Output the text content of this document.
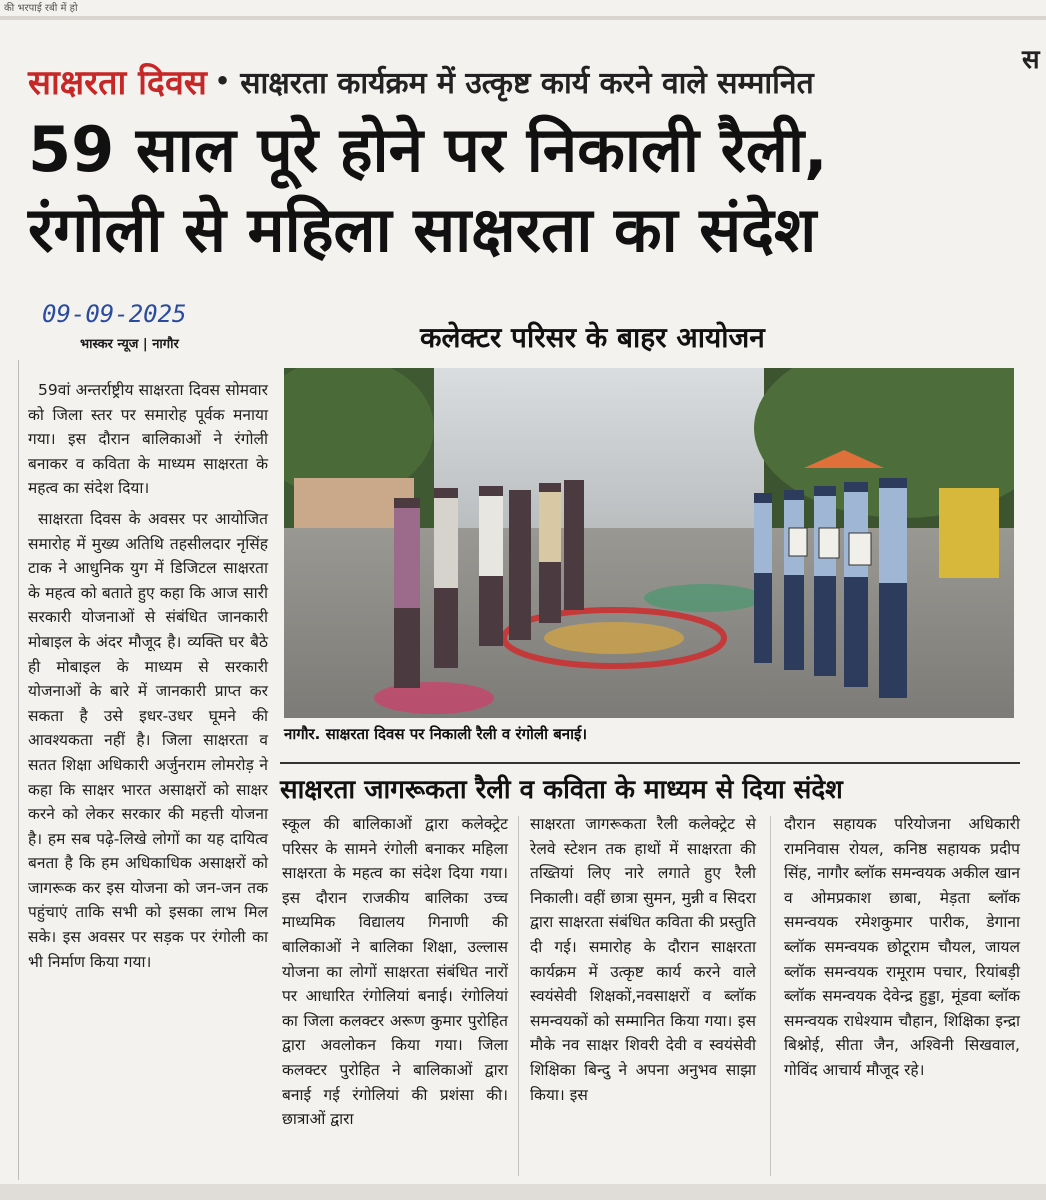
की भरपाई रबी में हो
स
साक्षरता दिवस • साक्षरता कार्यक्रम में उत्कृष्ट कार्य करने वाले सम्मानित
59 साल पूरे होने पर निकाली रैली,
रंगोली से महिला साक्षरता का संदेश
09-09-2025
भास्कर न्यूज | नागौर	कलेक्टर परिसर के बाहर आयोजन

59वां अन्तर्राष्ट्रीय साक्षरता दिवस सोमवार को जिला स्तर पर समारोह पूर्वक मनाया गया। इस दौरान बालिकाओं ने रंगोली बनाकर व कविता के माध्यम साक्षरता के महत्व का संदेश दिया।

साक्षरता दिवस के अवसर पर आयोजित समारोह में मुख्य अतिथि तहसीलदार नृसिंह टाक ने आधुनिक युग में डिजिटल साक्षरता के महत्व को बताते हुए कहा कि आज सारी सरकारी योजनाओं से संबंधित जानकारी मोबाइल के अंदर मौजूद है। व्यक्ति घर बैठे ही मोबाइल के माध्यम से सरकारी योजनाओं के बारे में जानकारी प्राप्त कर सकता है उसे इधर-उधर घूमने की आवश्यकता नहीं है। जिला साक्षरता व सतत शिक्षा अधिकारी अर्जुनराम लोमरोड़ ने कहा कि साक्षर भारत असाक्षरों को साक्षर करने को लेकर सरकार की महत्ती योजना है। हम सब पढ़े-लिखे लोगों का यह दायित्व बनता है कि हम अधिकाधिक असाक्षरों को जागरूक कर इस योजना को जन-जन तक पहुंचाएं ताकि सभी को इसका लाभ मिल सके। इस अवसर पर सड़क पर रंगोली का भी निर्माण किया गया।

नागौर. साक्षरता दिवस पर निकाली रैली व रंगोली बनाई।
साक्षरता जागरूकता रैली व कविता के माध्यम से दिया संदेश
स्कूल की बालिकाओं द्वारा कलेक्ट्रेट परिसर के सामने रंगोली बनाकर महिला साक्षरता के महत्व का संदेश दिया गया। इस दौरान राजकीय बालिका उच्च माध्यमिक विद्यालय गिनाणी की बालिकाओं ने बालिका शिक्षा, उल्लास योजना का लोगों साक्षरता संबंधित नारों पर आधारित रंगोलियां बनाई। रंगोलियां का जिला कलक्टर अरूण कुमार पुरोहित द्वारा अवलोकन किया गया। जिला कलक्टर पुरोहित ने बालिकाओं द्वारा बनाई गई रंगोलियां की प्रशंसा की। छात्राओं द्वारा
साक्षरता जागरूकता रैली कलेक्ट्रेट से रेलवे स्टेशन तक हाथों में साक्षरता की तख्तियां लिए नारे लगाते हुए रैली निकाली। वहीं छात्रा सुमन, मुन्नी व सिदरा द्वारा साक्षरता संबंधित कविता की प्रस्तुति दी गई। समारोह के दौरान साक्षरता कार्यक्रम में उत्कृष्ट कार्य करने वाले स्वयंसेवी शिक्षकों,नवसाक्षरों व ब्लॉक समन्वयकों को सम्मानित किया गया। इस मौके नव साक्षर शिवरी देवी व स्वयंसेवी शिक्षिका बिन्दु ने अपना अनुभव साझा किया। इस
दौरान सहायक परियोजना अधिकारी रामनिवास रोयल, कनिष्ठ सहायक प्रदीप सिंह, नागौर ब्लॉक समन्वयक अकील खान व ओमप्रकाश छाबा, मेड़ता ब्लॉक समन्वयक रमेशकुमार पारीक, डेगाना ब्लॉक समन्वयक छोटूराम चौयल, जायल ब्लॉक समन्वयक रामूराम पचार, रियांबड़ी ब्लॉक समन्वयक देवेन्द्र हुड्डा, मूंडवा ब्लॉक समन्वयक राधेश्याम चौहान, शिक्षिका इन्द्रा बिश्नोई, सीता जैन, अश्विनी सिखवाल, गोविंद आचार्य मौजूद रहे।
